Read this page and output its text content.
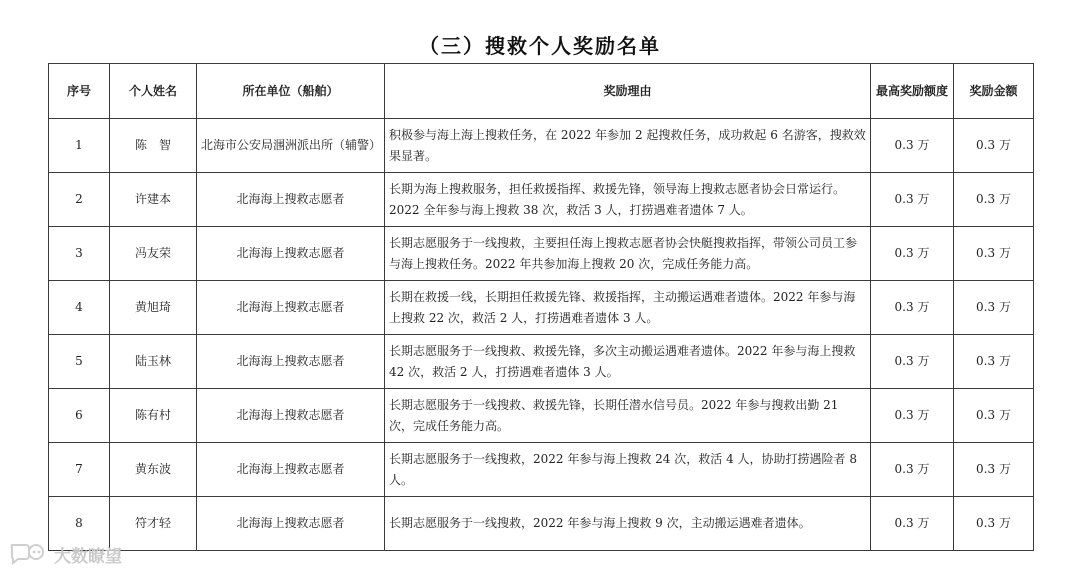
（三）搜救个人奖励名单
序号	个人姓名	所在单位（船舶）	奖励理由	最高奖励额度	奖励金额
1	陈　智	北海市公安局涠洲派出所（辅警）	积极参与海上海上搜救任务，在 2022 年参加 2 起搜救任务，成功救起 6 名游客，搜救效果显著。	0.3 万	0.3 万
2	许建本	北海海上搜救志愿者	长期为海上搜救服务，担任救援指挥、救援先锋，领导海上搜救志愿者协会日常运行。2022 全年参与海上搜救 38 次，救活 3 人，打捞遇难者遗体 7 人。	0.3 万	0.3 万
3	冯友荣	北海海上搜救志愿者	长期志愿服务于一线搜救，主要担任海上搜救志愿者协会快艇搜救指挥，带领公司员工参与海上搜救任务。2022 年共参加海上搜救 20 次，完成任务能力高。	0.3 万	0.3 万
4	黄旭琦	北海海上搜救志愿者	长期在救援一线，长期担任救援先锋、救援指挥，主动搬运遇难者遗体。2022 年参与海上搜救 22 次，救活 2 人，打捞遇难者遗体 3 人。	0.3 万	0.3 万
5	陆玉林	北海海上搜救志愿者	长期志愿服务于一线搜救、救援先锋，多次主动搬运遇难者遗体。2022 年参与海上搜救 42 次，救活 2 人，打捞遇难者遗体 3 人。	0.3 万	0.3 万
6	陈有村	北海海上搜救志愿者	长期志愿服务于一线搜救、救援先锋，长期任潜水信号员。2022 年参与搜救出勤 21 次，完成任务能力高。	0.3 万	0.3 万
7	黄东波	北海海上搜救志愿者	长期志愿服务于一线搜救，2022 年参与海上搜救 24 次，救活 4 人，协助打捞遇险者 8 人。	0.3 万	0.3 万
8	符才轻	北海海上搜救志愿者	长期志愿服务于一线搜救，2022 年参与海上搜救 9 次，主动搬运遇难者遗体。	0.3 万	0.3 万
大数瞭望
